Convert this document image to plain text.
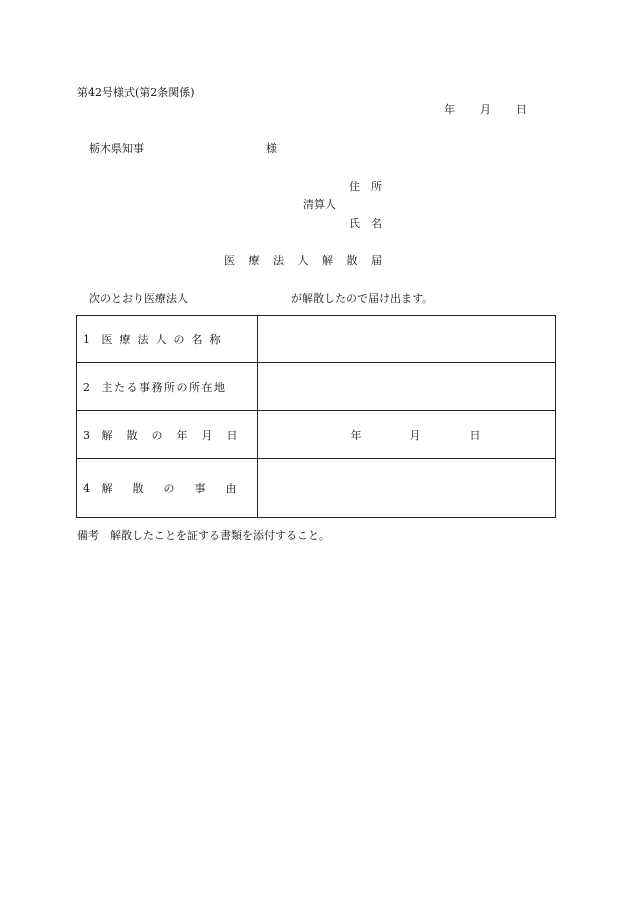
第42号様式(第2条関係)
年 月 日
栃木県知事	様
住　所
清算人
氏　名
医 療 法 人 解 散 届
次のとおり医療法人	が解散したので届け出ます。
1 医療法人の名称	
2 主たる事務所の所在地	
3 解散の年月日	年 月 日

4 解散の事由	
備考　解散したことを証する書類を添付すること。
